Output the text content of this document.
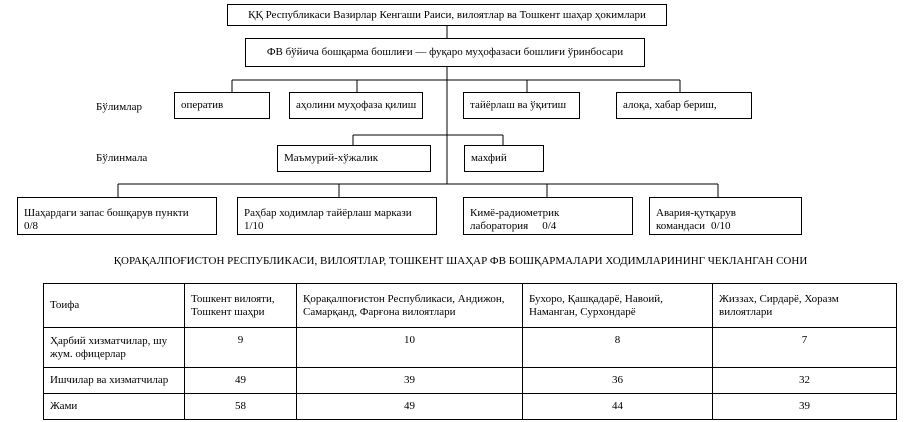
ҚҚ Республикаси Вазирлар Кенгаши Раиси, вилоятлар ва Тошкент шаҳар ҳокимлари
ФВ бўйича бошқарма бошлиғи — фуқаро муҳофазаси бошлиғи ўринбосари
Бўлимлар	оператив	аҳолини муҳофаза қилиш	тайёрлаш ва ўқитиш	алоқа, хабар бериш,
Бўлинмала	Маъмурий-хўжалик	махфий
Шаҳардаги запас бошқарув пункти
0/8
Раҳбар ходимлар тайёрлаш маркази
1/10
Кимё-радиометрик
лаборатория 0/4
Авария-қутқарув
командаси 0/10
ҚОРАҚАЛПОҒИСТОН РЕСПУБЛИКАСИ, ВИЛОЯТЛАР, ТОШКЕНТ ШАҲАР ФВ БОШҚАРМАЛАРИ ХОДИМЛАРИНИНГ ЧЕКЛАНГАН СОНИ
Тоифа	Тошкент вилояти, Тошкент шаҳри	Қорақалпоғистон Республикаси, Андижон, Самарқанд, Фарғона вилоятлари	Бухоро, Қашқадарё, Навоий, Наманган, Сурхондарё	Жиззах, Сирдарё, Хоразм вилоятлари
Ҳарбий хизматчилар, шу жум. офицерлар	9	10	8	7
Ишчилар ва хизматчилар	49	39	36	32
Жами	58	49	44	39
